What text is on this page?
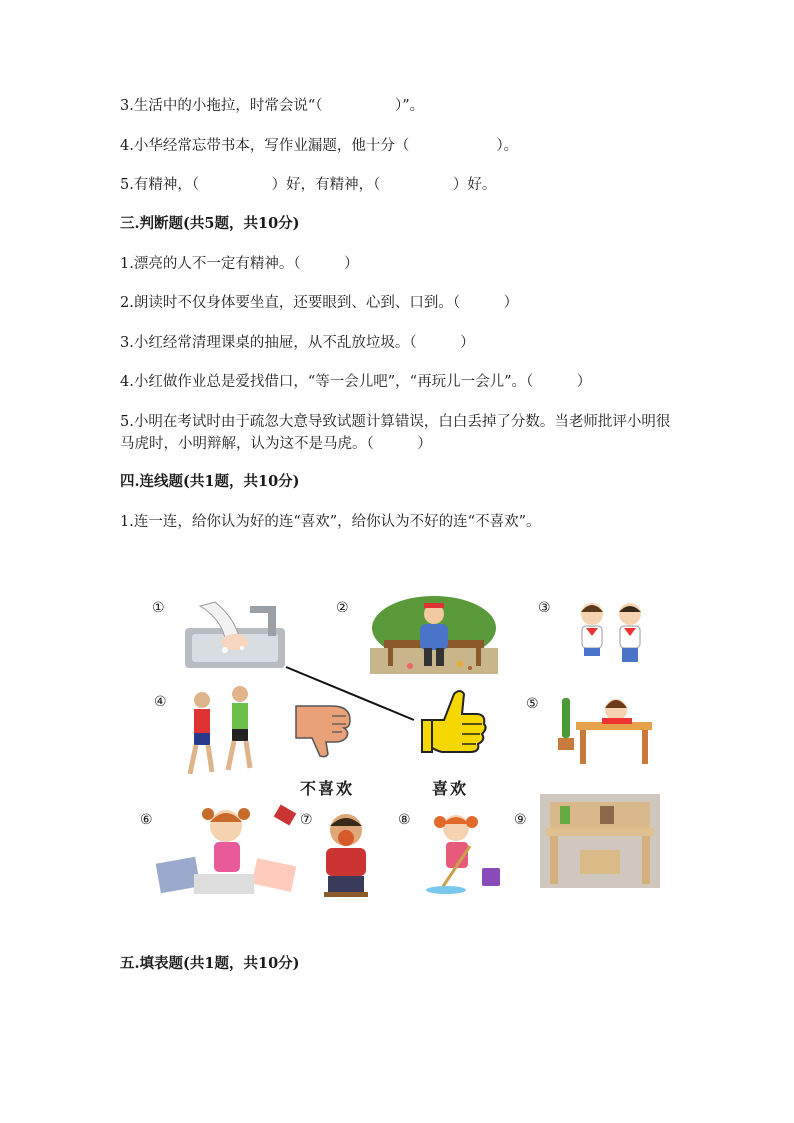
3.生活中的小拖拉，时常会说“（　　　　　）”。
4.小华经常忘带书本，写作业漏题，他十分（　　　　　　）。
5.有精神，（　　　　　）好，有精神，（　　　　　）好。
三.判断题(共5题，共10分)
1.漂亮的人不一定有精神。（　　　）
2.朗读时不仅身体要坐直，还要眼到、心到、口到。（　　　）
3.小红经常清理课桌的抽屉，从不乱放垃圾。（　　　）
4.小红做作业总是爱找借口，“等一会儿吧”，“再玩儿一会儿”。（　　　）
5.小明在考试时由于疏忽大意导致试题计算错误，白白丢掉了分数。当老师批评小明很马虎时，小明辩解，认为这不是马虎。（　　　）
四.连线题(共1题，共10分)
1.连一连，给你认为好的连“喜欢”，给你认为不好的连“不喜欢”。
①	②	③
④	⑤
不喜欢	喜欢
⑥	⑦	⑧	⑨
五.填表题(共1题，共10分)
